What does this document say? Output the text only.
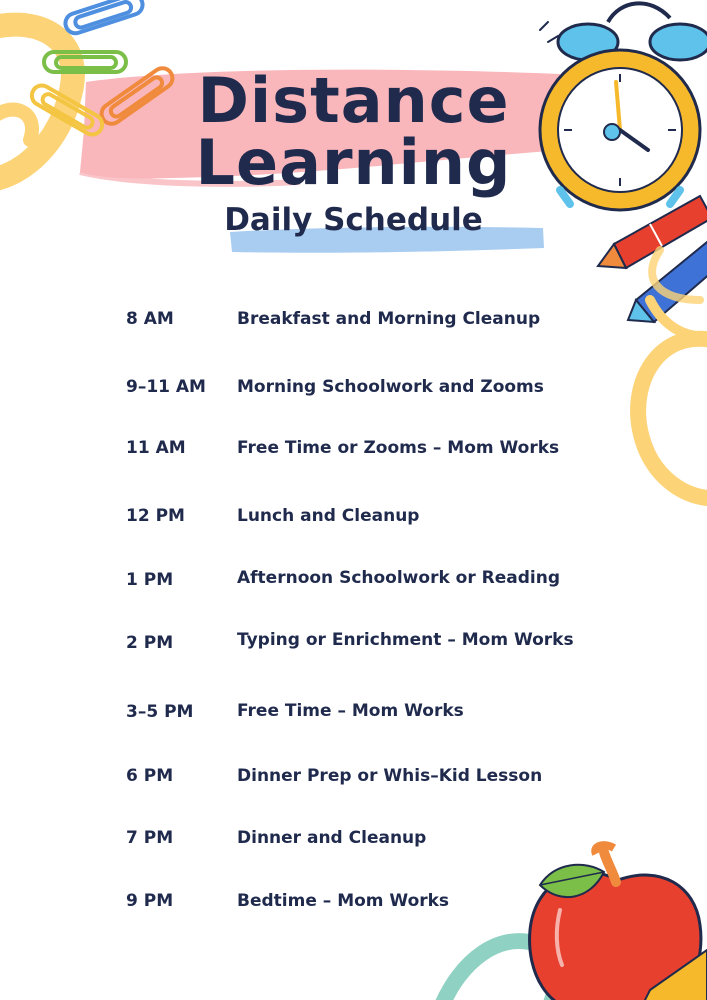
Distance
Learning
Daily Schedule
8 AM	Breakfast and Morning Cleanup
9–11 AM Morning Schoolwork and Zooms
11 AM	Free Time or Zooms – Mom Works
12 PM	Lunch and Cleanup
1 PM	Afternoon Schoolwork or Reading
2 PM	Typing or Enrichment – Mom Works
3–5 PM	Free Time – Mom Works
6 PM	Dinner Prep or Whis–Kid Lesson
7 PM	Dinner and Cleanup
9 PM	Bedtime – Mom Works
